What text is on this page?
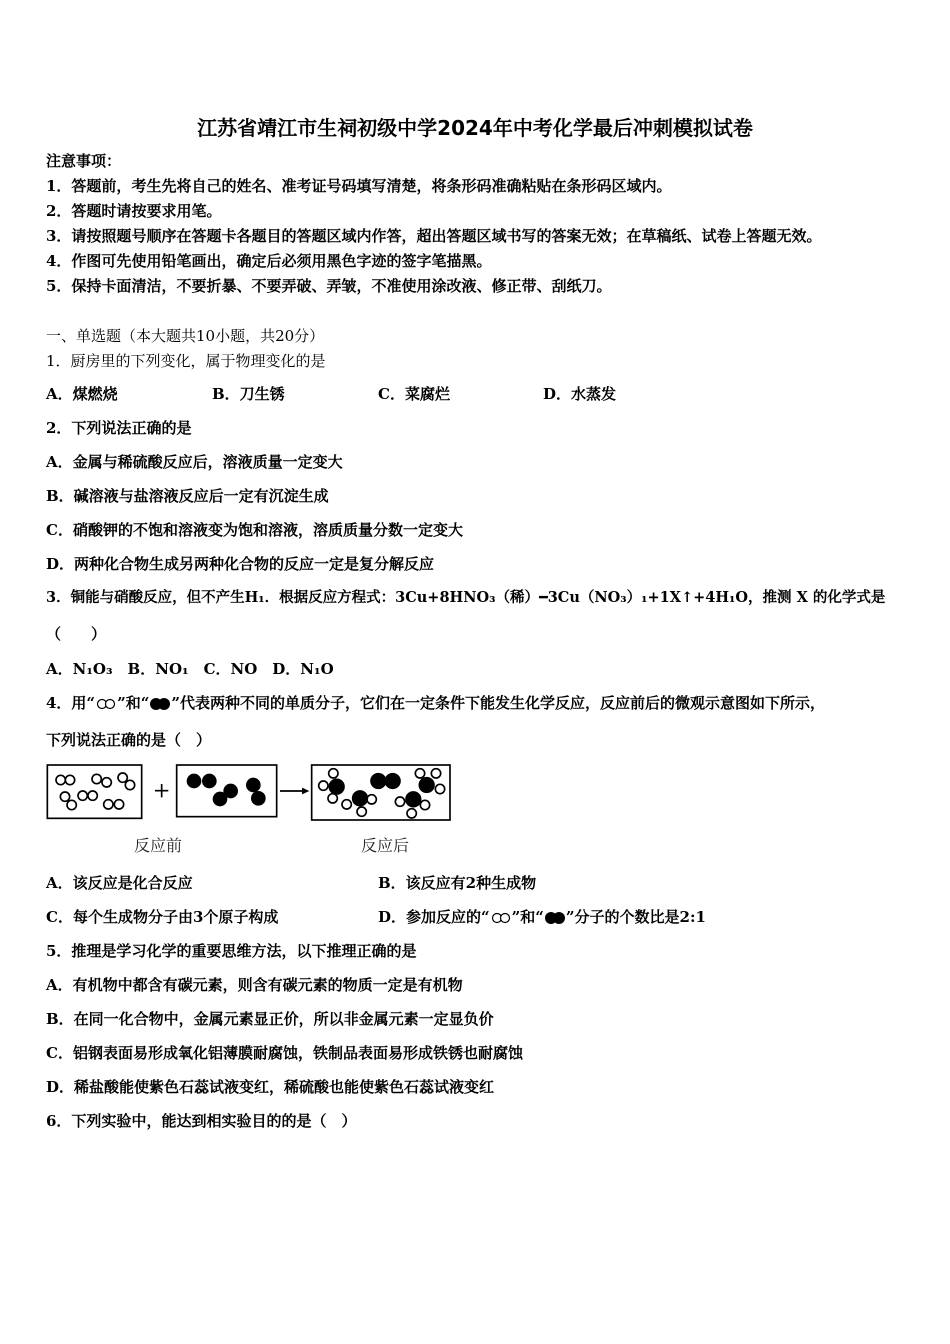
江苏省靖江市生祠初级中学2024年中考化学最后冲刺模拟试卷
注意事项：
1．答题前，考生先将自己的姓名、准考证号码填写清楚，将条形码准确粘贴在条形码区域内。
2．答题时请按要求用笔。
3．请按照题号顺序在答题卡各题目的答题区域内作答，超出答题区域书写的答案无效；在草稿纸、试卷上答题无效。
4．作图可先使用铅笔画出，确定后必须用黑色字迹的签字笔描黑。
5．保持卡面清洁，不要折暴、不要弄破、弄皱，不准使用涂改液、修正带、刮纸刀。
一、单选题（本大题共10小题，共20分）
1．厨房里的下列变化，属于物理变化的是
A．煤燃烧	B．刀生锈	C．菜腐烂	D．水蒸发
2．下列说法正确的是
A．金属与稀硫酸反应后，溶液质量一定变大
B．碱溶液与盐溶液反应后一定有沉淀生成
C．硝酸钾的不饱和溶液变为饱和溶液，溶质质量分数一定变大
D．两种化合物生成另两种化合物的反应一定是复分解反应
3．铜能与硝酸反应，但不产生H₁．根据反应方程式：3Cu+8HNO₃（稀）━3Cu（NO₃）₁+1X↑+4H₁O，推测 X 的化学式是
（　　）
A．N₁O₃　B．NO₁　C．NO　D．N₁O
4．用“ ”和“ ”代表两种不同的单质分子，它们在一定条件下能发生化学反应，反应前后的微观示意图如下所示，
下列说法正确的是（　）
反应前	反应后
A．该反应是化合反应	B．该反应有2种生成物
C．每个生成物分子由3个原子构成	D．参加反应的“ ”和“ ”分子的个数比是2:1
5．推理是学习化学的重要思维方法，以下推理正确的是
A．有机物中都含有碳元素，则含有碳元素的物质一定是有机物
B．在同一化合物中，金属元素显正价，所以非金属元素一定显负价
C．铝钢表面易形成氧化铝薄膜耐腐蚀，铁制品表面易形成铁锈也耐腐蚀
D．稀盐酸能使紫色石蕊试液变红，稀硫酸也能使紫色石蕊试液变红
6．下列实验中，能达到相实验目的的是（　）
